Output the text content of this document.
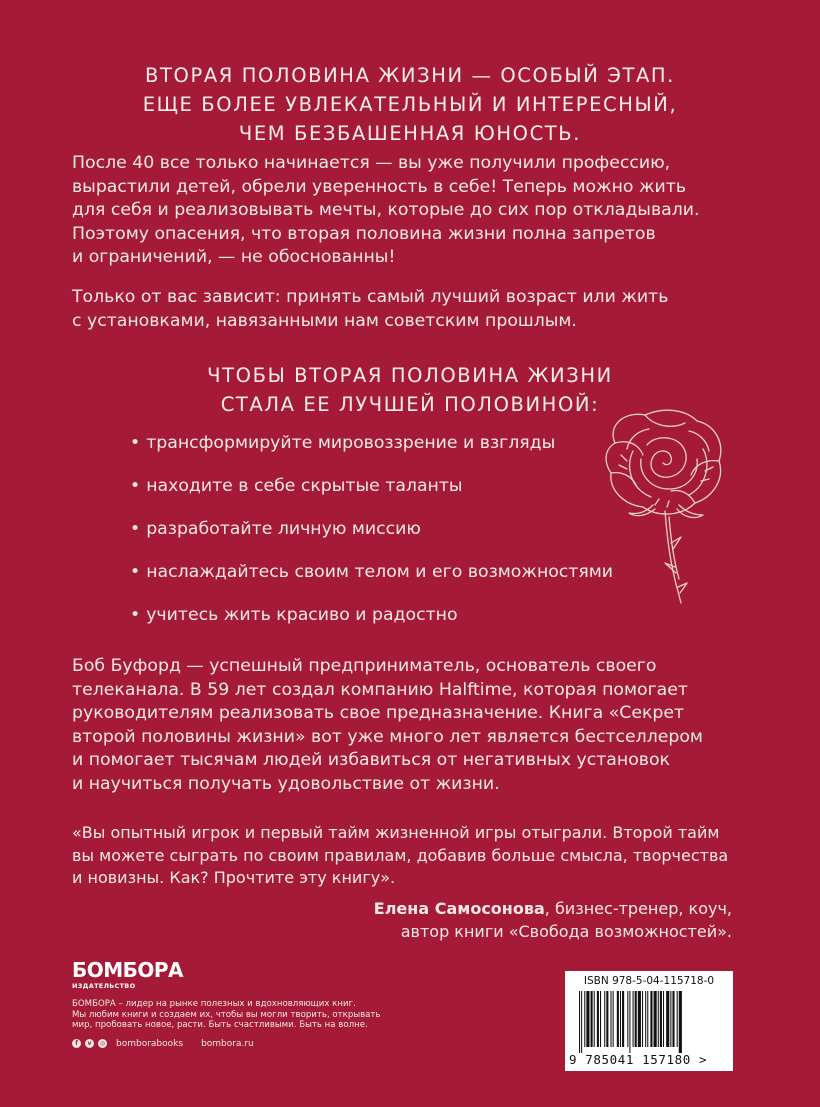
ВТОРАЯ ПОЛОВИНА ЖИЗНИ — ОСОБЫЙ ЭТАП.
ЕЩЕ БОЛЕЕ УВЛЕКАТЕЛЬНЫЙ И ИНТЕРЕСНЫЙ,
ЧЕМ БЕЗБАШЕННАЯ ЮНОСТЬ.
После 40 все только начинается — вы уже получили профессию,
вырастили детей, обрели уверенность в себе! Теперь можно жить
для себя и реализовывать мечты, которые до сих пор откладывали.
Поэтому опасения, что вторая половина жизни полна запретов
и ограничений, — не обоснованны!
Только от вас зависит: принять самый лучший возраст или жить
с установками, навязанными нам советским прошлым.
ЧТОБЫ ВТОРАЯ ПОЛОВИНА ЖИЗНИ
СТАЛА ЕЕ ЛУЧШЕЙ ПОЛОВИНОЙ:
• трансформируйте мировоззрение и взгляды
• находите в себе скрытые таланты
• разработайте личную миссию
• наслаждайтесь своим телом и его возможностями
• учитесь жить красиво и радостно
Боб Буфорд — успешный предприниматель, основатель своего
телеканала. В 59 лет создал компанию Halftime, которая помогает
руководителям реализовать свое предназначение. Книга «Секрет
второй половины жизни» вот уже много лет является бестселлером
и помогает тысячам людей избавиться от негативных установок
и научиться получать удовольствие от жизни.
«Вы опытный игрок и первый тайм жизненной игры отыграли. Второй тайм
вы можете сыграть по своим правилам, добавив больше смысла, творчества
и новизны. Как? Прочтите эту книгу».
Елена Самосонова, бизнес-тренер, коуч,
автор книги «Свобода возможностей».
БОМБОРА
ИЗДАТЕЛЬСТВО
БОМБОРА – лидер на рынке полезных и вдохновляющих книг.
Мы любим книги и создаем их, чтобы вы могли творить, открывать
мир, пробовать новое, расти. Быть счастливыми. Быть на волне.
f	v	◎ bomborabooks bombora.ru
ISBN 978-5-04-115718-0
9 785041 157180 >
